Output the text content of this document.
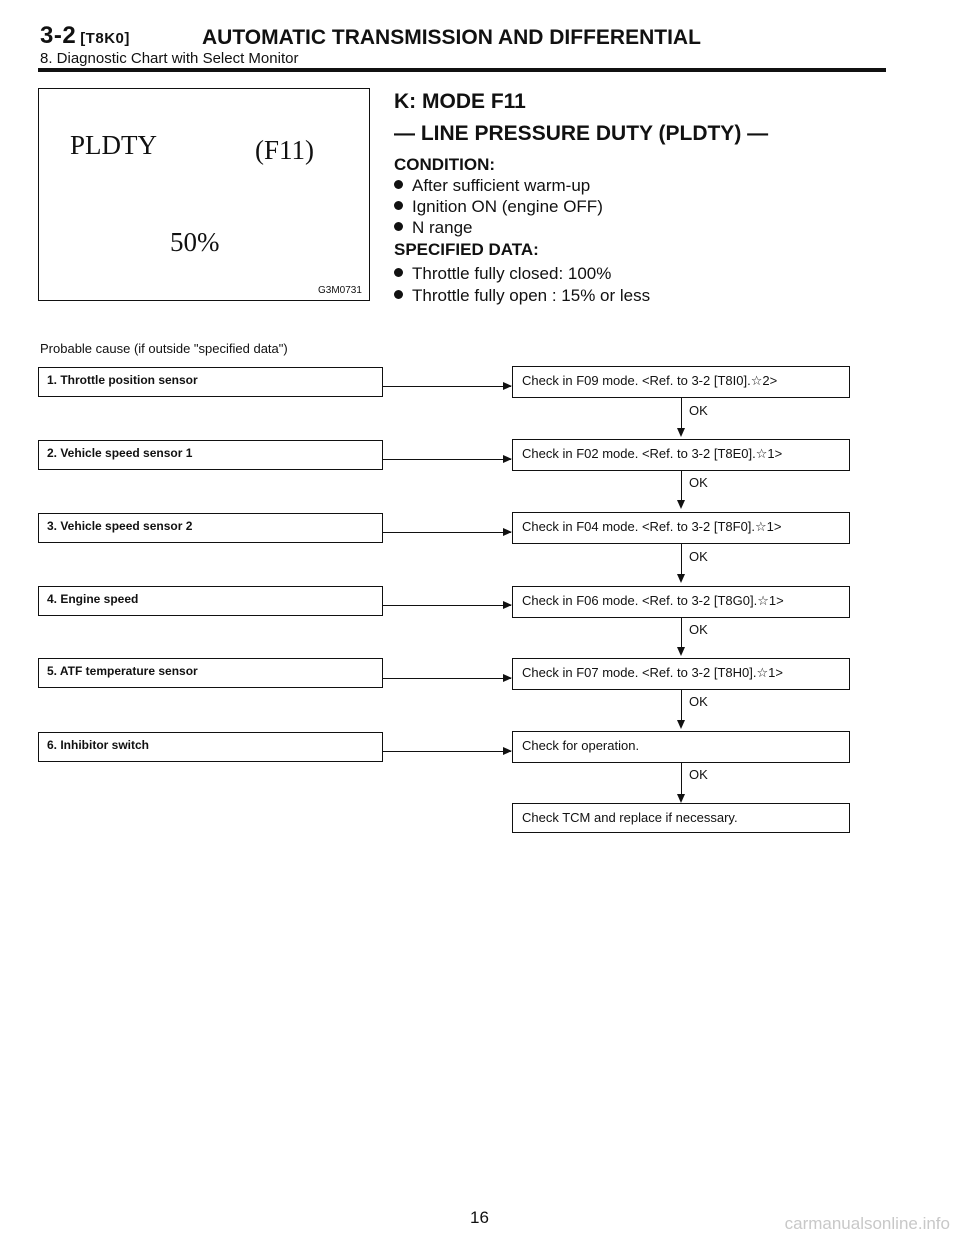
3-2 [T8K0]	AUTOMATIC TRANSMISSION AND DIFFERENTIAL
8. Diagnostic Chart with Select Monitor
PLDTY	(F11)
50%
G3M0731
K: MODE F11
— LINE PRESSURE DUTY (PLDTY) —
CONDITION:
After sufficient warm-up
Ignition ON (engine OFF)
N range
SPECIFIED DATA:
Throttle fully closed: 100%
Throttle fully open : 15% or less
Probable cause (if outside "specified data")
1. Throttle position sensor	Check in F09 mode. <Ref. to 3-2 [T8I0].☆2>
OK
2. Vehicle speed sensor 1	Check in F02 mode. <Ref. to 3-2 [T8E0].☆1>
OK
3. Vehicle speed sensor 2	Check in F04 mode. <Ref. to 3-2 [T8F0].☆1>
OK
4. Engine speed	Check in F06 mode. <Ref. to 3-2 [T8G0].☆1>
OK
5. ATF temperature sensor	Check in F07 mode. <Ref. to 3-2 [T8H0].☆1>
OK
6. Inhibitor switch	Check for operation.
OK
Check TCM and replace if necessary.
16	carmanualsonline.info
